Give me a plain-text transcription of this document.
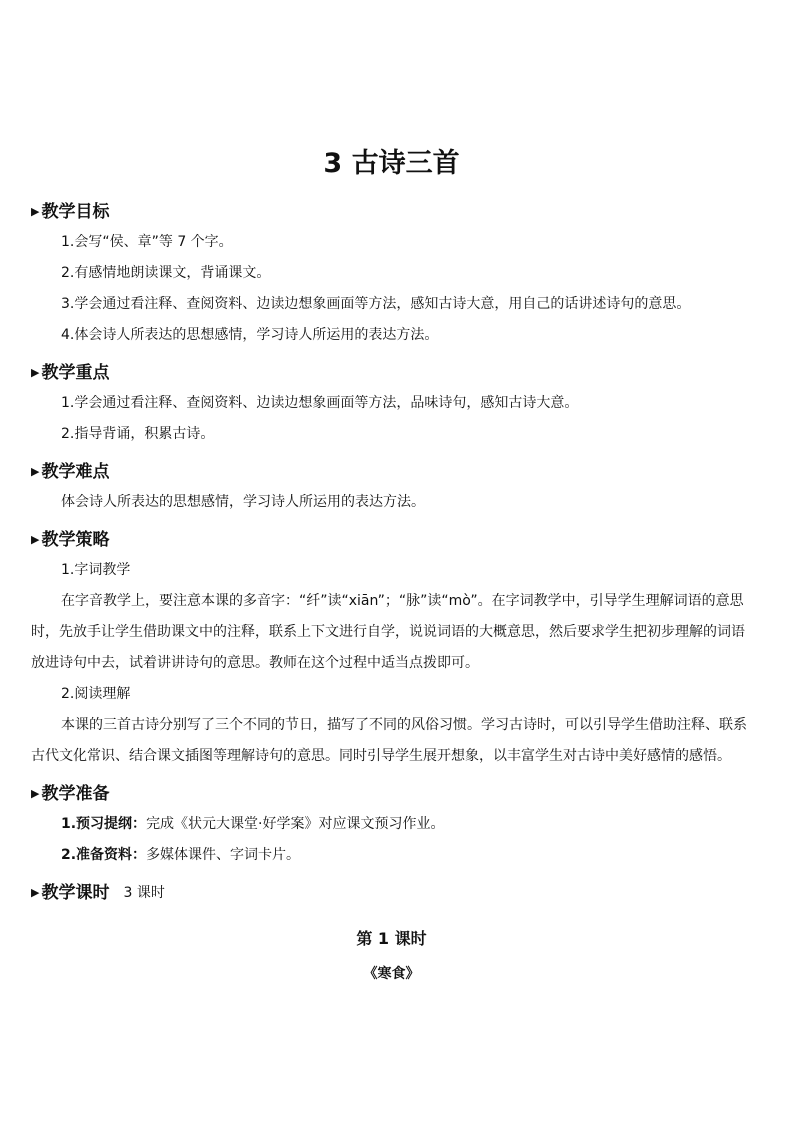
3 古诗三首
▶ 教学目标

1.会写“侯、章”等 7 个字。

2.有感情地朗读课文，背诵课文。

3.学会通过看注释、查阅资料、边读边想象画面等方法，感知古诗大意，用自己的话讲述诗句的意思。

4.体会诗人所表达的思想感情，学习诗人所运用的表达方法。

▶ 教学重点

1.学会通过看注释、查阅资料、边读边想象画面等方法，品味诗句，感知古诗大意。

2.指导背诵，积累古诗。

▶ 教学难点

体会诗人所表达的思想感情，学习诗人所运用的表达方法。

▶ 教学策略

1.字词教学

在字音教学上，要注意本课的多音字：“纤”读“xiān”；“脉”读“mò”。在字词教学中，引导学生理解词语的意思时，先放手让学生借助课文中的注释，联系上下文进行自学，说说词语的大概意思，然后要求学生把初步理解的词语放进诗句中去，试着讲讲诗句的意思。教师在这个过程中适当点拨即可。

2.阅读理解

本课的三首古诗分别写了三个不同的节日，描写了不同的风俗习惯。学习古诗时，可以引导学生借助注释、联系古代文化常识、结合课文插图等理解诗句的意思。同时引导学生展开想象，以丰富学生对古诗中美好感情的感悟。

▶ 教学准备

1.预习提纲：完成《状元大课堂·好学案》对应课文预习作业。

2.准备资料：多媒体课件、字词卡片。

▶ 教学课时 3 课时
第 1 课时
《寒食》
